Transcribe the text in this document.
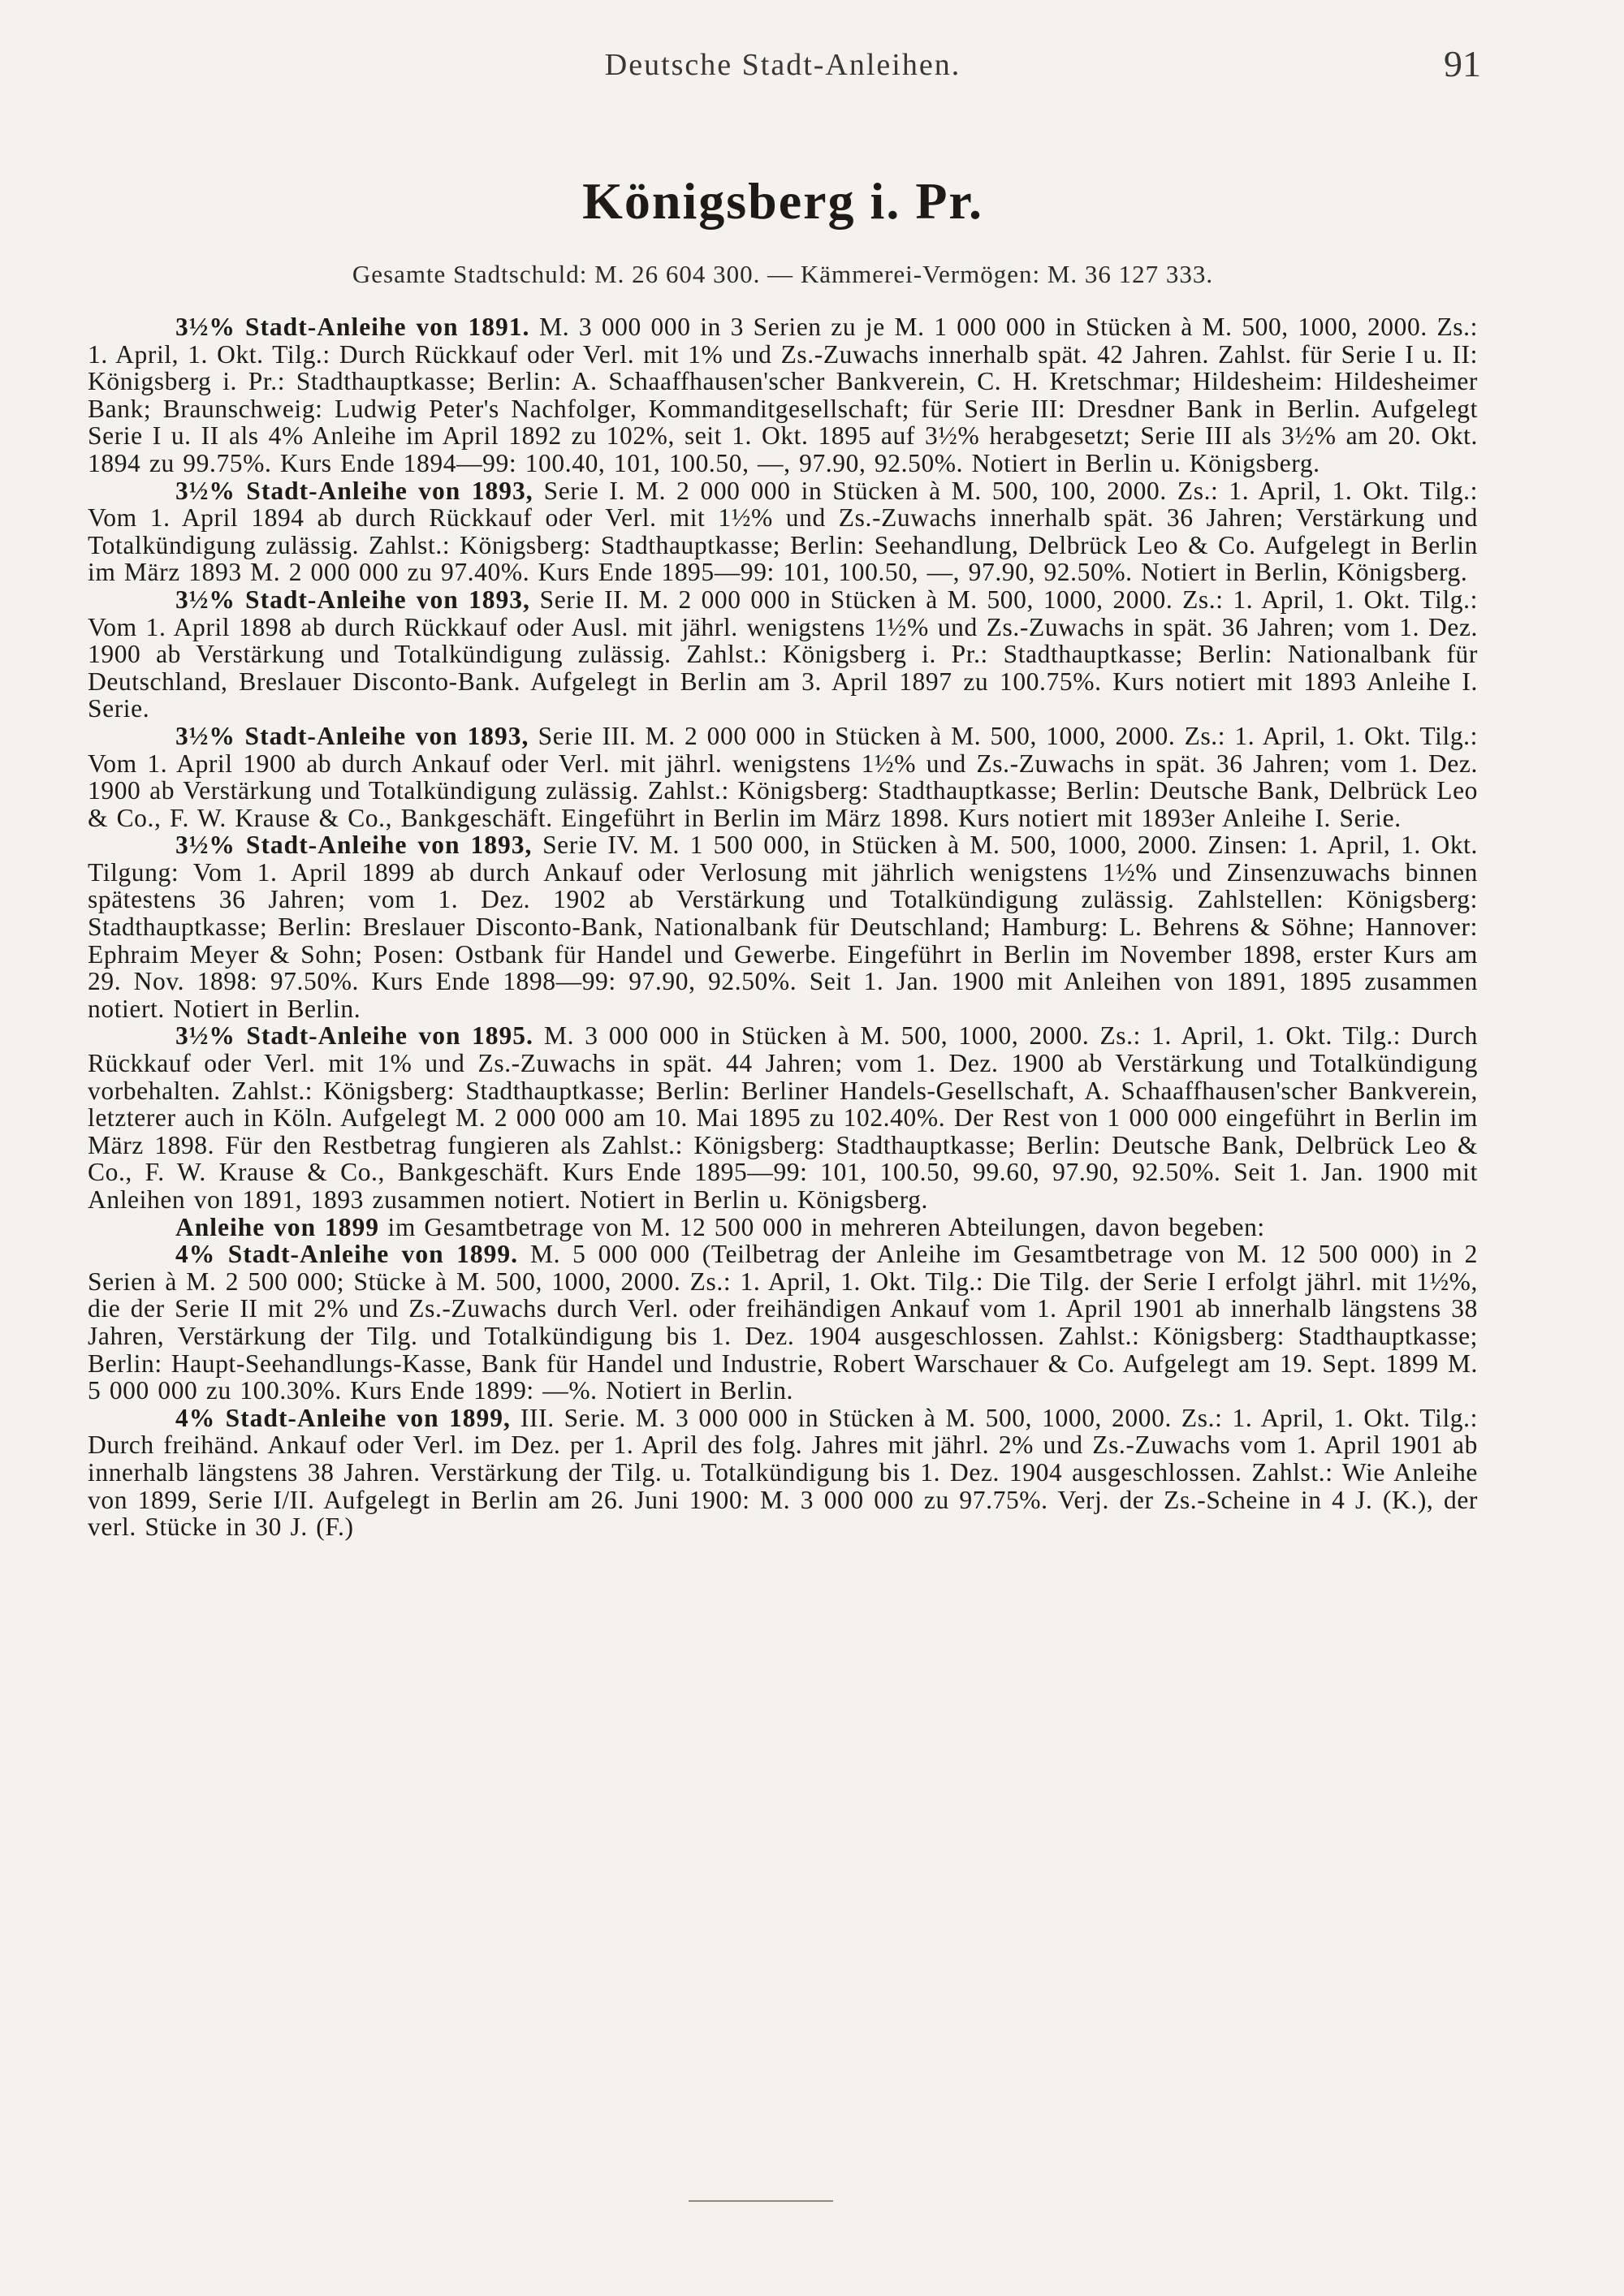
Deutsche Stadt-Anleihen.	91
Königsberg i. Pr.

Gesamte Stadtschuld: M. 26 604 300. — Kämmerei-Vermögen: M. 36 127 333.

3½% Stadt-Anleihe von 1891. M. 3 000 000 in 3 Serien zu je M. 1 000 000 in Stücken à M. 500, 1000, 2000. Zs.: 1. April, 1. Okt. Tilg.: Durch Rückkauf oder Verl. mit 1% und Zs.-Zuwachs innerhalb spät. 42 Jahren. Zahlst. für Serie I u. II: Königsberg i. Pr.: Stadthauptkasse; Berlin: A. Schaaffhausen'scher Bankverein, C. H. Kretschmar; Hildesheim: Hildesheimer Bank; Braunschweig: Ludwig Peter's Nachfolger, Kommanditgesellschaft; für Serie III: Dresdner Bank in Berlin. Aufgelegt Serie I u. II als 4% Anleihe im April 1892 zu 102%, seit 1. Okt. 1895 auf 3½% herabgesetzt; Serie III als 3½% am 20. Okt. 1894 zu 99.75%. Kurs Ende 1894—99: 100.40, 101, 100.50, —, 97.90, 92.50%. Notiert in Berlin u. Königsberg.

3½% Stadt-Anleihe von 1893, Serie I. M. 2 000 000 in Stücken à M. 500, 100, 2000. Zs.: 1. April, 1. Okt. Tilg.: Vom 1. April 1894 ab durch Rückkauf oder Verl. mit 1½% und Zs.-Zuwachs innerhalb spät. 36 Jahren; Verstärkung und Totalkündigung zulässig. Zahlst.: Königsberg: Stadthauptkasse; Berlin: Seehandlung, Delbrück Leo & Co. Aufgelegt in Berlin im März 1893 M. 2 000 000 zu 97.40%. Kurs Ende 1895—99: 101, 100.50, —, 97.90, 92.50%. Notiert in Berlin, Königsberg.

3½% Stadt-Anleihe von 1893, Serie II. M. 2 000 000 in Stücken à M. 500, 1000, 2000. Zs.: 1. April, 1. Okt. Tilg.: Vom 1. April 1898 ab durch Rückkauf oder Ausl. mit jährl. wenigstens 1½% und Zs.-Zuwachs in spät. 36 Jahren; vom 1. Dez. 1900 ab Verstärkung und Totalkündigung zulässig. Zahlst.: Königsberg i. Pr.: Stadthauptkasse; Berlin: Nationalbank für Deutschland, Breslauer Disconto-Bank. Aufgelegt in Berlin am 3. April 1897 zu 100.75%. Kurs notiert mit 1893 Anleihe I. Serie.

3½% Stadt-Anleihe von 1893, Serie III. M. 2 000 000 in Stücken à M. 500, 1000, 2000. Zs.: 1. April, 1. Okt. Tilg.: Vom 1. April 1900 ab durch Ankauf oder Verl. mit jährl. wenigstens 1½% und Zs.-Zuwachs in spät. 36 Jahren; vom 1. Dez. 1900 ab Verstärkung und Totalkündigung zulässig. Zahlst.: Königsberg: Stadthauptkasse; Berlin: Deutsche Bank, Delbrück Leo & Co., F. W. Krause & Co., Bankgeschäft. Eingeführt in Berlin im März 1898. Kurs notiert mit 1893er Anleihe I. Serie.

3½% Stadt-Anleihe von 1893, Serie IV. M. 1 500 000, in Stücken à M. 500, 1000, 2000. Zinsen: 1. April, 1. Okt. Tilgung: Vom 1. April 1899 ab durch Ankauf oder Verlosung mit jährlich wenigstens 1½% und Zinsenzuwachs binnen spätestens 36 Jahren; vom 1. Dez. 1902 ab Verstärkung und Totalkündigung zulässig. Zahlstellen: Königsberg: Stadthauptkasse; Berlin: Breslauer Disconto-Bank, Nationalbank für Deutschland; Hamburg: L. Behrens & Söhne; Hannover: Ephraim Meyer & Sohn; Posen: Ostbank für Handel und Gewerbe. Eingeführt in Berlin im November 1898, erster Kurs am 29. Nov. 1898: 97.50%. Kurs Ende 1898—99: 97.90, 92.50%. Seit 1. Jan. 1900 mit Anleihen von 1891, 1895 zusammen notiert. Notiert in Berlin.

3½% Stadt-Anleihe von 1895. M. 3 000 000 in Stücken à M. 500, 1000, 2000. Zs.: 1. April, 1. Okt. Tilg.: Durch Rückkauf oder Verl. mit 1% und Zs.-Zuwachs in spät. 44 Jahren; vom 1. Dez. 1900 ab Verstärkung und Totalkündigung vorbehalten. Zahlst.: Königsberg: Stadthauptkasse; Berlin: Berliner Handels-Gesellschaft, A. Schaaffhausen'scher Bankverein, letzterer auch in Köln. Aufgelegt M. 2 000 000 am 10. Mai 1895 zu 102.40%. Der Rest von 1 000 000 eingeführt in Berlin im März 1898. Für den Restbetrag fungieren als Zahlst.: Königsberg: Stadthauptkasse; Berlin: Deutsche Bank, Delbrück Leo & Co., F. W. Krause & Co., Bankgeschäft. Kurs Ende 1895—99: 101, 100.50, 99.60, 97.90, 92.50%. Seit 1. Jan. 1900 mit Anleihen von 1891, 1893 zusammen notiert. Notiert in Berlin u. Königsberg.

Anleihe von 1899 im Gesamtbetrage von M. 12 500 000 in mehreren Abteilungen, davon begeben:

4% Stadt-Anleihe von 1899. M. 5 000 000 (Teilbetrag der Anleihe im Gesamtbetrage von M. 12 500 000) in 2 Serien à M. 2 500 000; Stücke à M. 500, 1000, 2000. Zs.: 1. April, 1. Okt. Tilg.: Die Tilg. der Serie I erfolgt jährl. mit 1½%, die der Serie II mit 2% und Zs.-Zuwachs durch Verl. oder freihändigen Ankauf vom 1. April 1901 ab innerhalb längstens 38 Jahren, Verstärkung der Tilg. und Totalkündigung bis 1. Dez. 1904 ausgeschlossen. Zahlst.: Königsberg: Stadthauptkasse; Berlin: Haupt-Seehandlungs-Kasse, Bank für Handel und Industrie, Robert Warschauer & Co. Aufgelegt am 19. Sept. 1899 M. 5 000 000 zu 100.30%. Kurs Ende 1899: —%. Notiert in Berlin.

4% Stadt-Anleihe von 1899, III. Serie. M. 3 000 000 in Stücken à M. 500, 1000, 2000. Zs.: 1. April, 1. Okt. Tilg.: Durch freihänd. Ankauf oder Verl. im Dez. per 1. April des folg. Jahres mit jährl. 2% und Zs.-Zuwachs vom 1. April 1901 ab innerhalb längstens 38 Jahren. Verstärkung der Tilg. u. Totalkündigung bis 1. Dez. 1904 ausgeschlossen. Zahlst.: Wie Anleihe von 1899, Serie I/II. Aufgelegt in Berlin am 26. Juni 1900: M. 3 000 000 zu 97.75%. Verj. der Zs.-Scheine in 4 J. (K.), der verl. Stücke in 30 J. (F.)
